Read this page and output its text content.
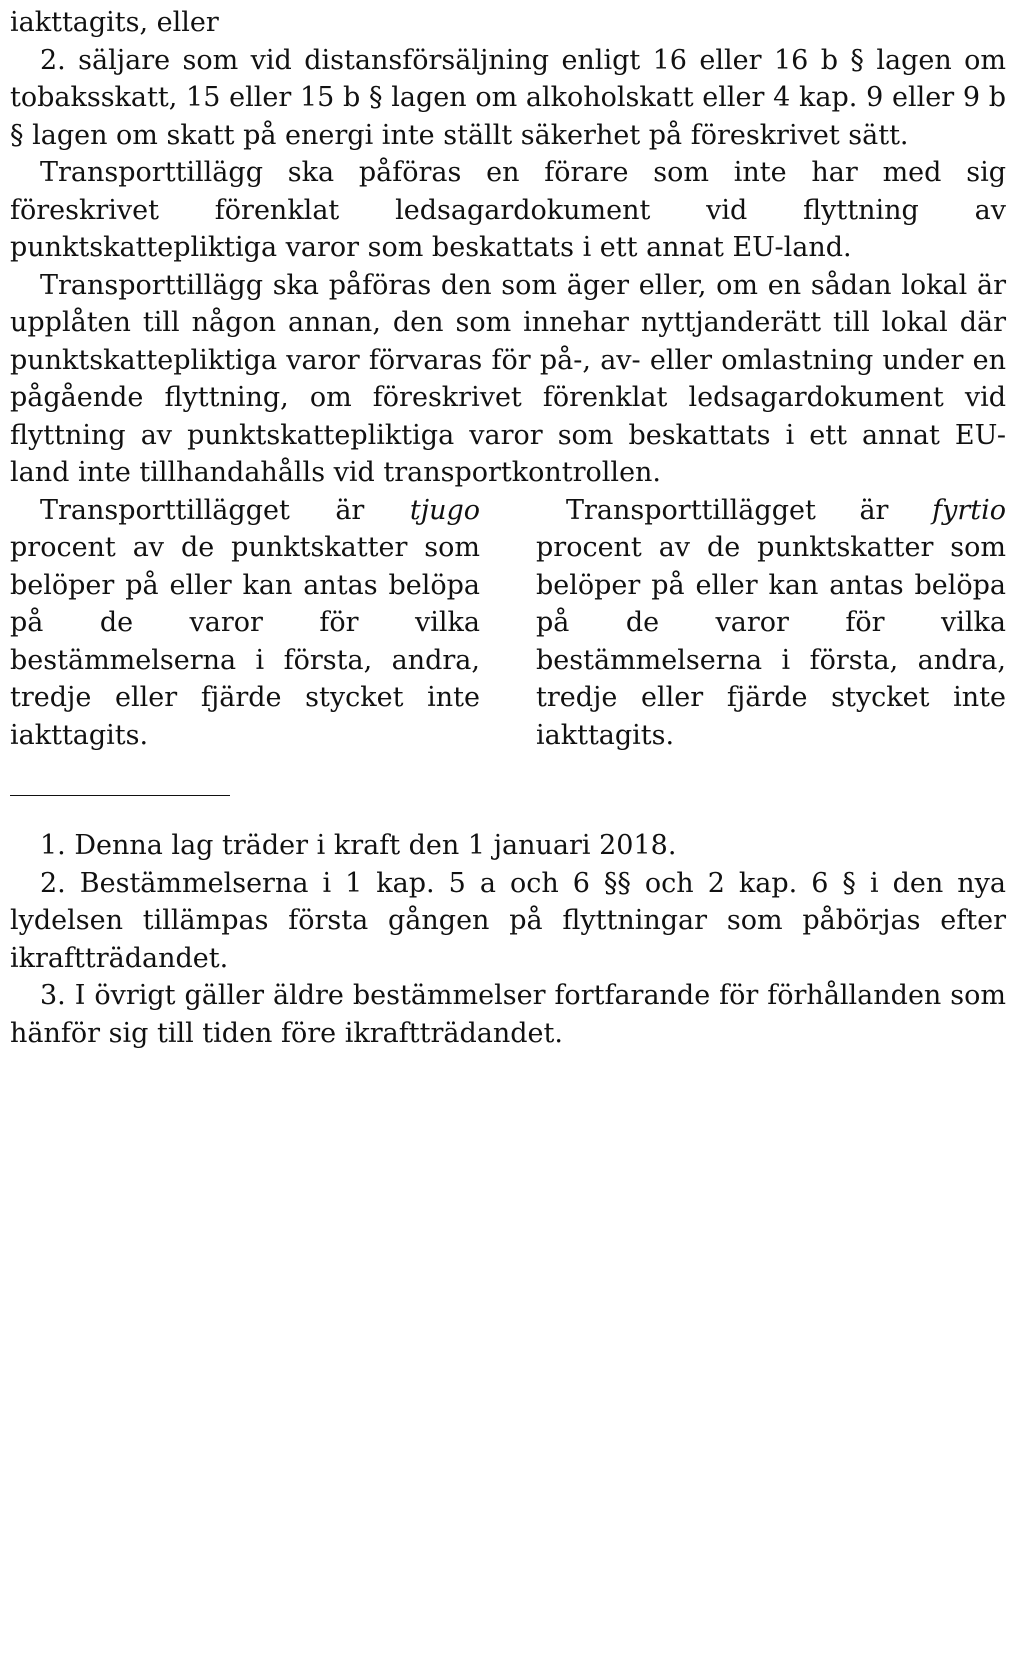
iakttagits, eller

2. säljare som vid distansförsäljning enligt 16 eller 16 b § lagen om tobaksskatt, 15 eller 15 b § lagen om alkoholskatt eller 4 kap. 9 eller 9 b § lagen om skatt på energi inte ställt säkerhet på föreskrivet sätt.

Transporttillägg ska påföras en förare som inte har med sig föreskrivet förenklat ledsagardokument vid flyttning av punktskattepliktiga varor som beskattats i ett annat EU-land.

Transporttillägg ska påföras den som äger eller, om en sådan lokal är upplåten till någon annan, den som innehar nyttjanderätt till lokal där punktskattepliktiga varor förvaras för på-, av- eller omlastning under en pågående flyttning, om föreskrivet förenklat ledsagardokument vid flyttning av punktskattepliktiga varor som beskattats i ett annat EU-land inte tillhandahålls vid transportkontrollen.

Transporttillägget är tjugo procent av de punktskatter som belöper på eller kan antas belöpa på de varor för vilka bestämmelserna i första, andra, tredje eller fjärde stycket inte iakttagits.

Transporttillägget är fyrtio procent av de punktskatter som belöper på eller kan antas belöpa på de varor för vilka bestämmelserna i första, andra, tredje eller fjärde stycket inte iakttagits.

1. Denna lag träder i kraft den 1 januari 2018.

2. Bestämmelserna i 1 kap. 5 a och 6 §§ och 2 kap. 6 § i den nya lydelsen tillämpas första gången på flyttningar som påbörjas efter ikraftträdandet.

3. I övrigt gäller äldre bestämmelser fortfarande för förhållanden som hänför sig till tiden före ikraftträdandet.
